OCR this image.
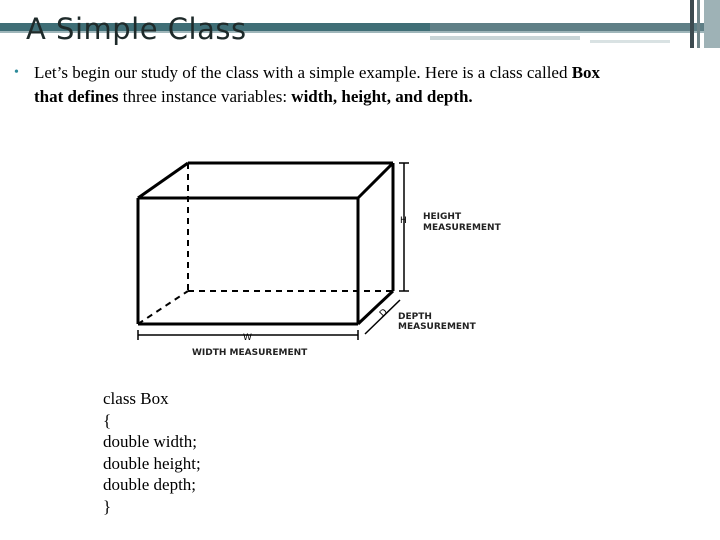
A Simple Class
• Let’s begin our study of the class with a simple example. Here is a class called Box
that defines three instance variables: width, height, and depth.
H
D
W
HEIGHT
MEASUREMENT
DEPTH
MEASUREMENT
WIDTH MEASUREMENT
class Box
{
double width;
double height;
double depth;
}
